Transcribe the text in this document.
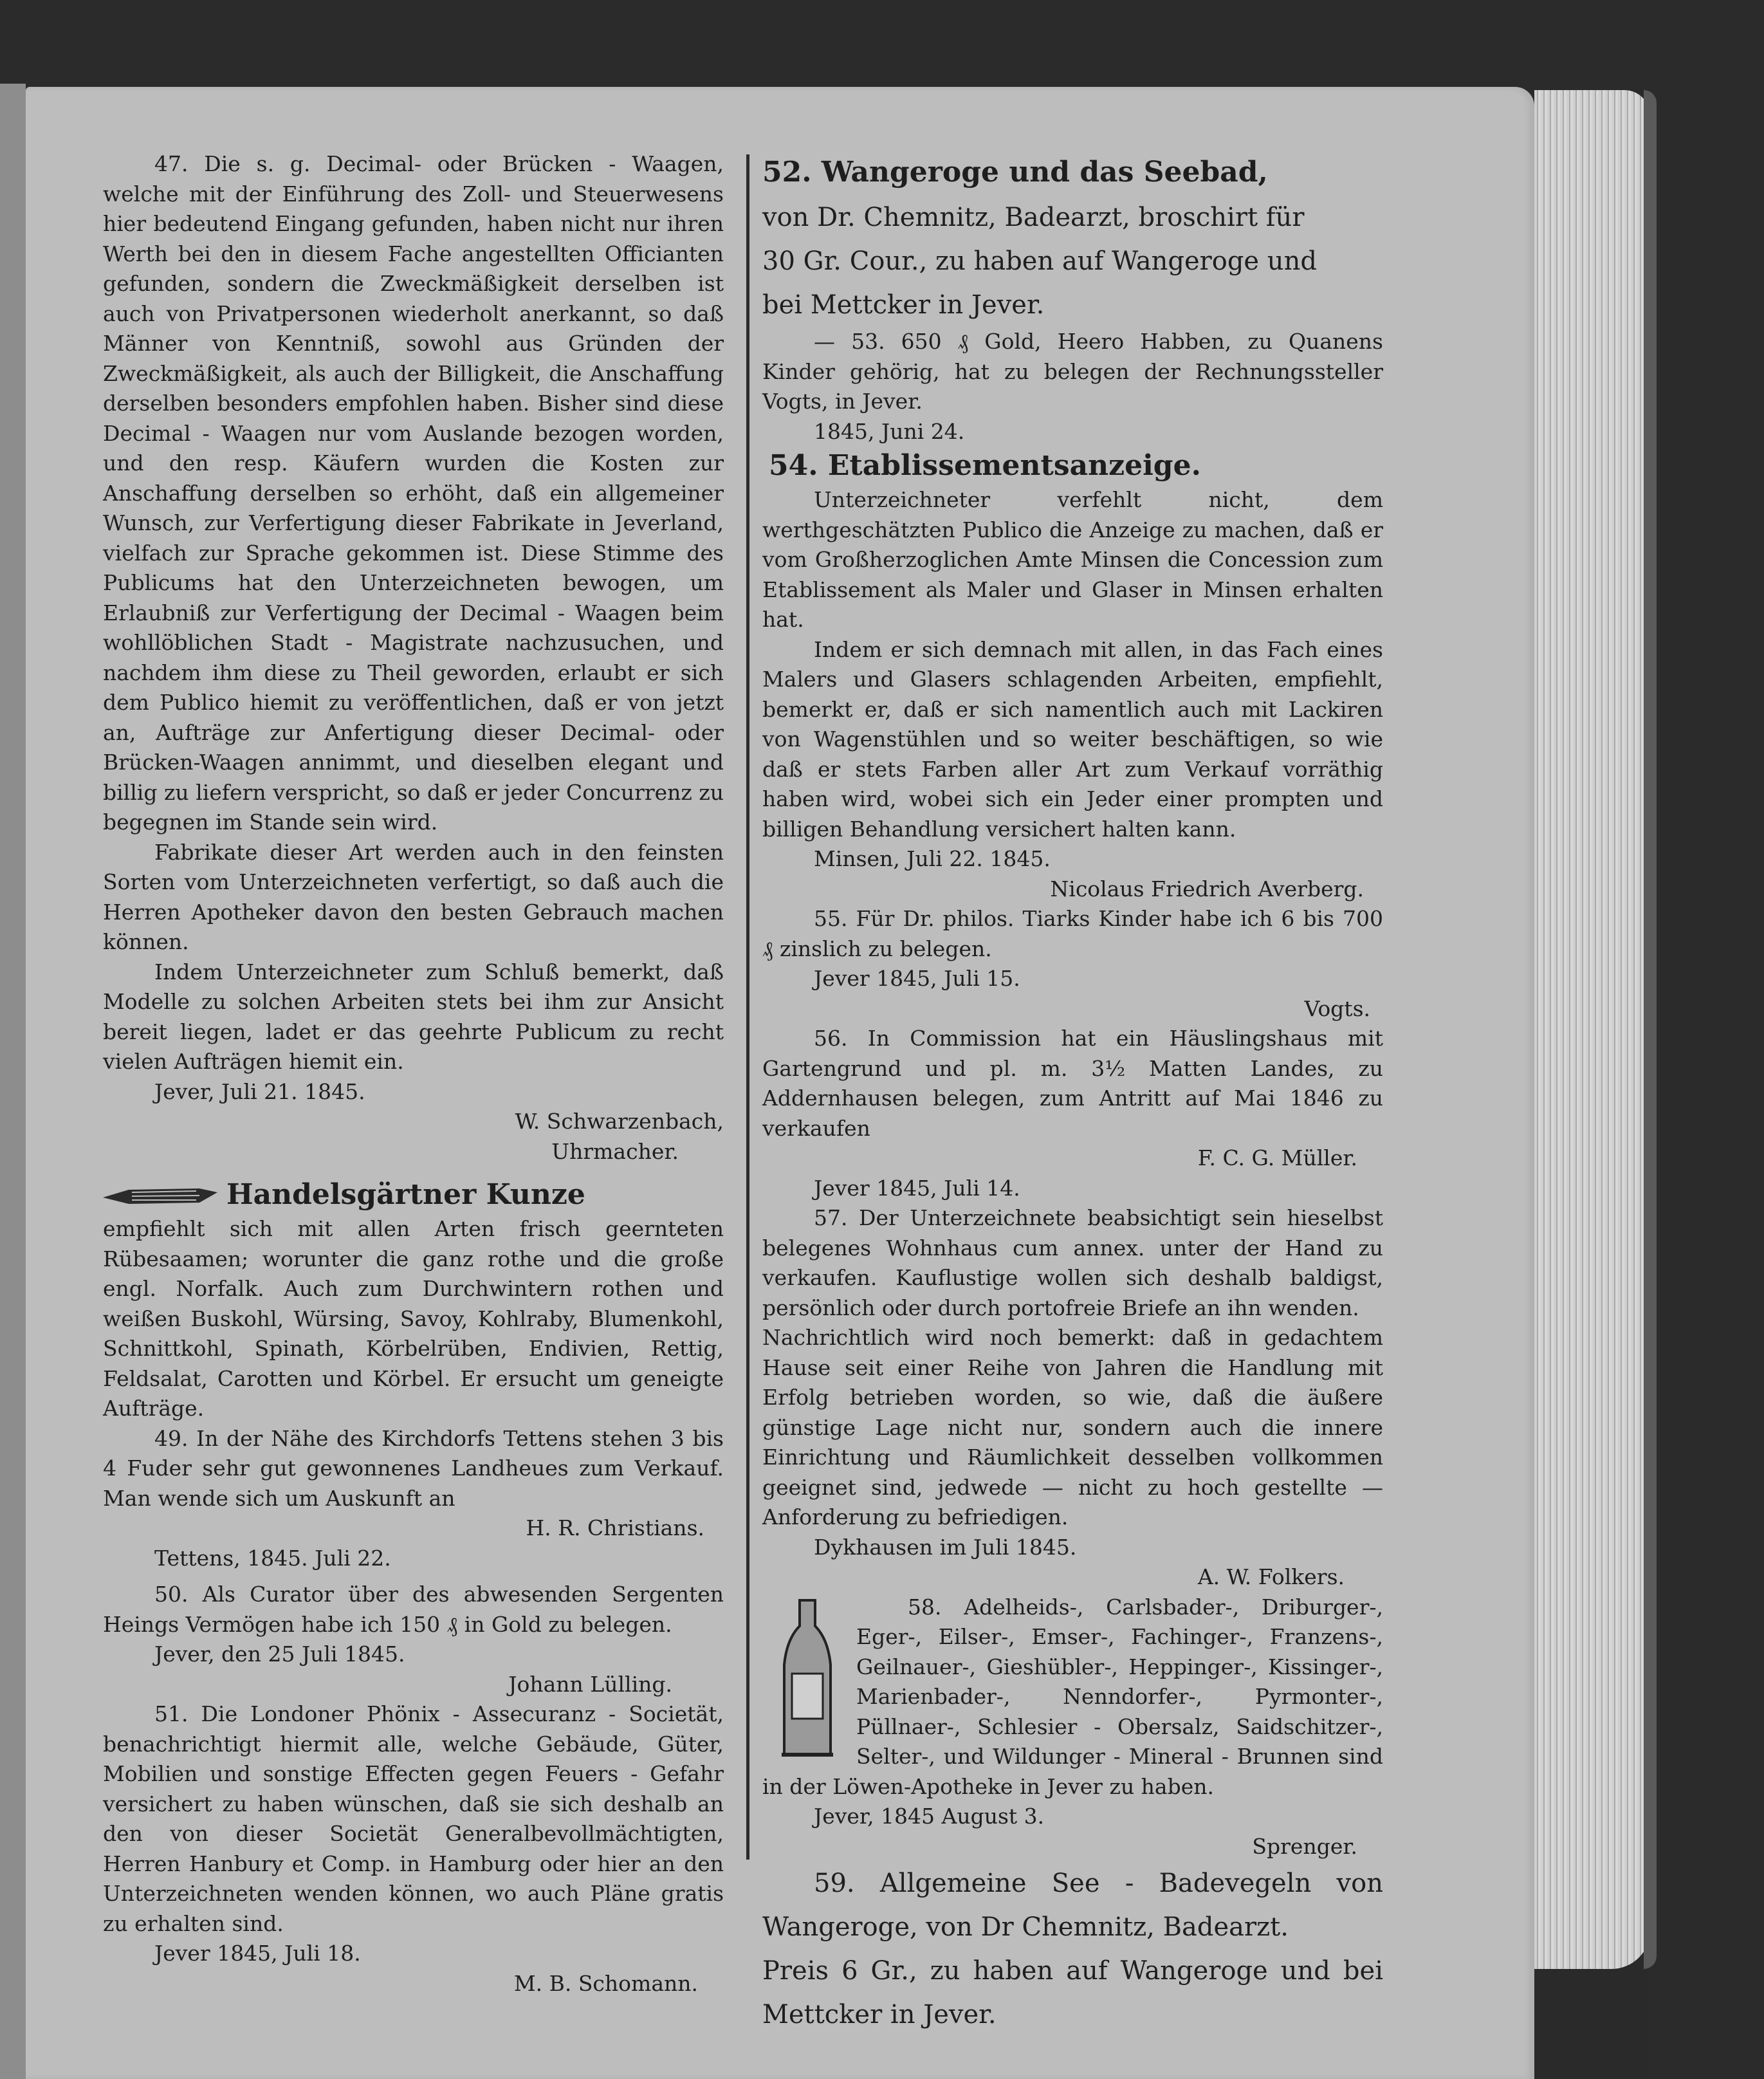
47. Die s. g. Decimal- oder Brücken - Waagen, welche mit der Einführung des Zoll- und Steuerwesens hier bedeutend Eingang gefunden, haben nicht nur ihren Werth bei den in diesem Fache angestellten Officianten gefunden, sondern die Zweckmäßigkeit derselben ist auch von Privatpersonen wiederholt anerkannt, so daß Männer von Kenntniß, sowohl aus Gründen der Zweckmäßigkeit, als auch der Billigkeit, die Anschaffung derselben besonders empfohlen haben. Bisher sind diese Decimal - Waagen nur vom Auslande bezogen worden, und den resp. Käufern wurden die Kosten zur Anschaffung derselben so erhöht, daß ein allgemeiner Wunsch, zur Verfertigung dieser Fabrikate in Jeverland, vielfach zur Sprache gekommen ist. Diese Stimme des Publicums hat den Unterzeichneten bewogen, um Erlaubniß zur Verfertigung der Decimal - Waagen beim wohllöblichen Stadt - Magistrate nachzusuchen, und nachdem ihm diese zu Theil geworden, erlaubt er sich dem Publico hiemit zu veröffentlichen, daß er von jetzt an, Aufträge zur Anfertigung dieser Decimal- oder Brücken-Waagen annimmt, und dieselben elegant und billig zu liefern verspricht, so daß er jeder Concurrenz zu begegnen im Stande sein wird.

Fabrikate dieser Art werden auch in den feinsten Sorten vom Unterzeichneten verfertigt, so daß auch die Herren Apotheker davon den besten Gebrauch machen können.

Indem Unterzeichneter zum Schluß bemerkt, daß Modelle zu solchen Arbeiten stets bei ihm zur Ansicht bereit liegen, ladet er das geehrte Publicum zu recht vielen Aufträgen hiemit ein.

Jever, Juli 21. 1845.

W. Schwarzenbach,

Uhrmacher.

Handelsgärtner Kunze

empfiehlt sich mit allen Arten frisch geernteten Rübesaamen; worunter die ganz rothe und die große engl. Norfalk. Auch zum Durchwintern rothen und weißen Buskohl, Würsing, Savoy, Kohlraby, Blumenkohl, Schnittkohl, Spinath, Körbelrüben, Endivien, Rettig, Feldsalat, Carotten und Körbel. Er ersucht um geneigte Aufträge.

49. In der Nähe des Kirchdorfs Tettens stehen 3 bis 4 Fuder sehr gut gewonnenes Landheues zum Verkauf. Man wende sich um Auskunft an

H. R. Christians.

Tettens, 1845. Juli 22.

50. Als Curator über des abwesenden Sergenten Heings Vermögen habe ich 150 ₰ in Gold zu belegen.

Jever, den 25 Juli 1845.

Johann Lülling.

51. Die Londoner Phönix - Assecuranz - Societät, benachrichtigt hiermit alle, welche Gebäude, Güter, Mobilien und sonstige Effecten gegen Feuers - Gefahr versichert zu haben wünschen, daß sie sich deshalb an den von dieser Societät Generalbevollmächtigten, Herren Hanbury et Comp. in Hamburg oder hier an den Unterzeichneten wenden können, wo auch Pläne gratis zu erhalten sind.

Jever 1845, Juli 18.

M. B. Schomann.

52. Wangeroge und das Seebad,

von Dr. Chemnitz, Badearzt, broschirt für

30 Gr. Cour., zu haben auf Wangeroge und

bei Mettcker in Jever.

— 53. 650 ₰ Gold, Heero Habben, zu Quanens Kinder gehörig, hat zu belegen der Rechnungssteller Vogts, in Jever.

1845, Juni 24.

54. Etablissementsanzeige.

Unterzeichneter verfehlt nicht, dem werthgeschätzten Publico die Anzeige zu machen, daß er vom Großherzoglichen Amte Minsen die Concession zum Etablissement als Maler und Glaser in Minsen erhalten hat.

Indem er sich demnach mit allen, in das Fach eines Malers und Glasers schlagenden Arbeiten, empfiehlt, bemerkt er, daß er sich namentlich auch mit Lackiren von Wagenstühlen und so weiter beschäftigen, so wie daß er stets Farben aller Art zum Verkauf vorräthig haben wird, wobei sich ein Jeder einer prompten und billigen Behandlung versichert halten kann.

Minsen, Juli 22. 1845.

Nicolaus Friedrich Averberg.

55. Für Dr. philos. Tiarks Kinder habe ich 6 bis 700 ₰ zinslich zu belegen.

Jever 1845, Juli 15.

Vogts.

56. In Commission hat ein Häuslingshaus mit Gartengrund und pl. m. 3½ Matten Landes, zu Addernhausen belegen, zum Antritt auf Mai 1846 zu verkaufen

F. C. G. Müller.

Jever 1845, Juli 14.

57. Der Unterzeichnete beabsichtigt sein hieselbst belegenes Wohnhaus cum annex. unter der Hand zu verkaufen. Kauflustige wollen sich deshalb baldigst, persönlich oder durch portofreie Briefe an ihn wenden.

Nachrichtlich wird noch bemerkt: daß in gedachtem Hause seit einer Reihe von Jahren die Handlung mit Erfolg betrieben worden, so wie, daß die äußere günstige Lage nicht nur, sondern auch die innere Einrichtung und Räumlichkeit desselben vollkommen geeignet sind, jedwede — nicht zu hoch gestellte — Anforderung zu befriedigen.

Dykhausen im Juli 1845.

A. W. Folkers.

58. Adelheids-, Carlsbader-, Driburger-, Eger-, Eilser-, Emser-, Fachinger-, Franzens-, Geilnauer-, Gieshübler-, Heppinger-, Kissinger-, Marienbader-, Nenndorfer-, Pyrmonter-, Püllnaer-, Schlesier - Obersalz, Saidschitzer-, Selter-, und Wildunger - Mineral - Brunnen sind in der Löwen-Apotheke in Jever zu haben.

Jever, 1845 August 3.

Sprenger.

59. Allgemeine See - Badevegeln von Wangeroge, von Dr Chemnitz, Badearzt.

Preis 6 Gr., zu haben auf Wangeroge und bei Mettcker in Jever.
